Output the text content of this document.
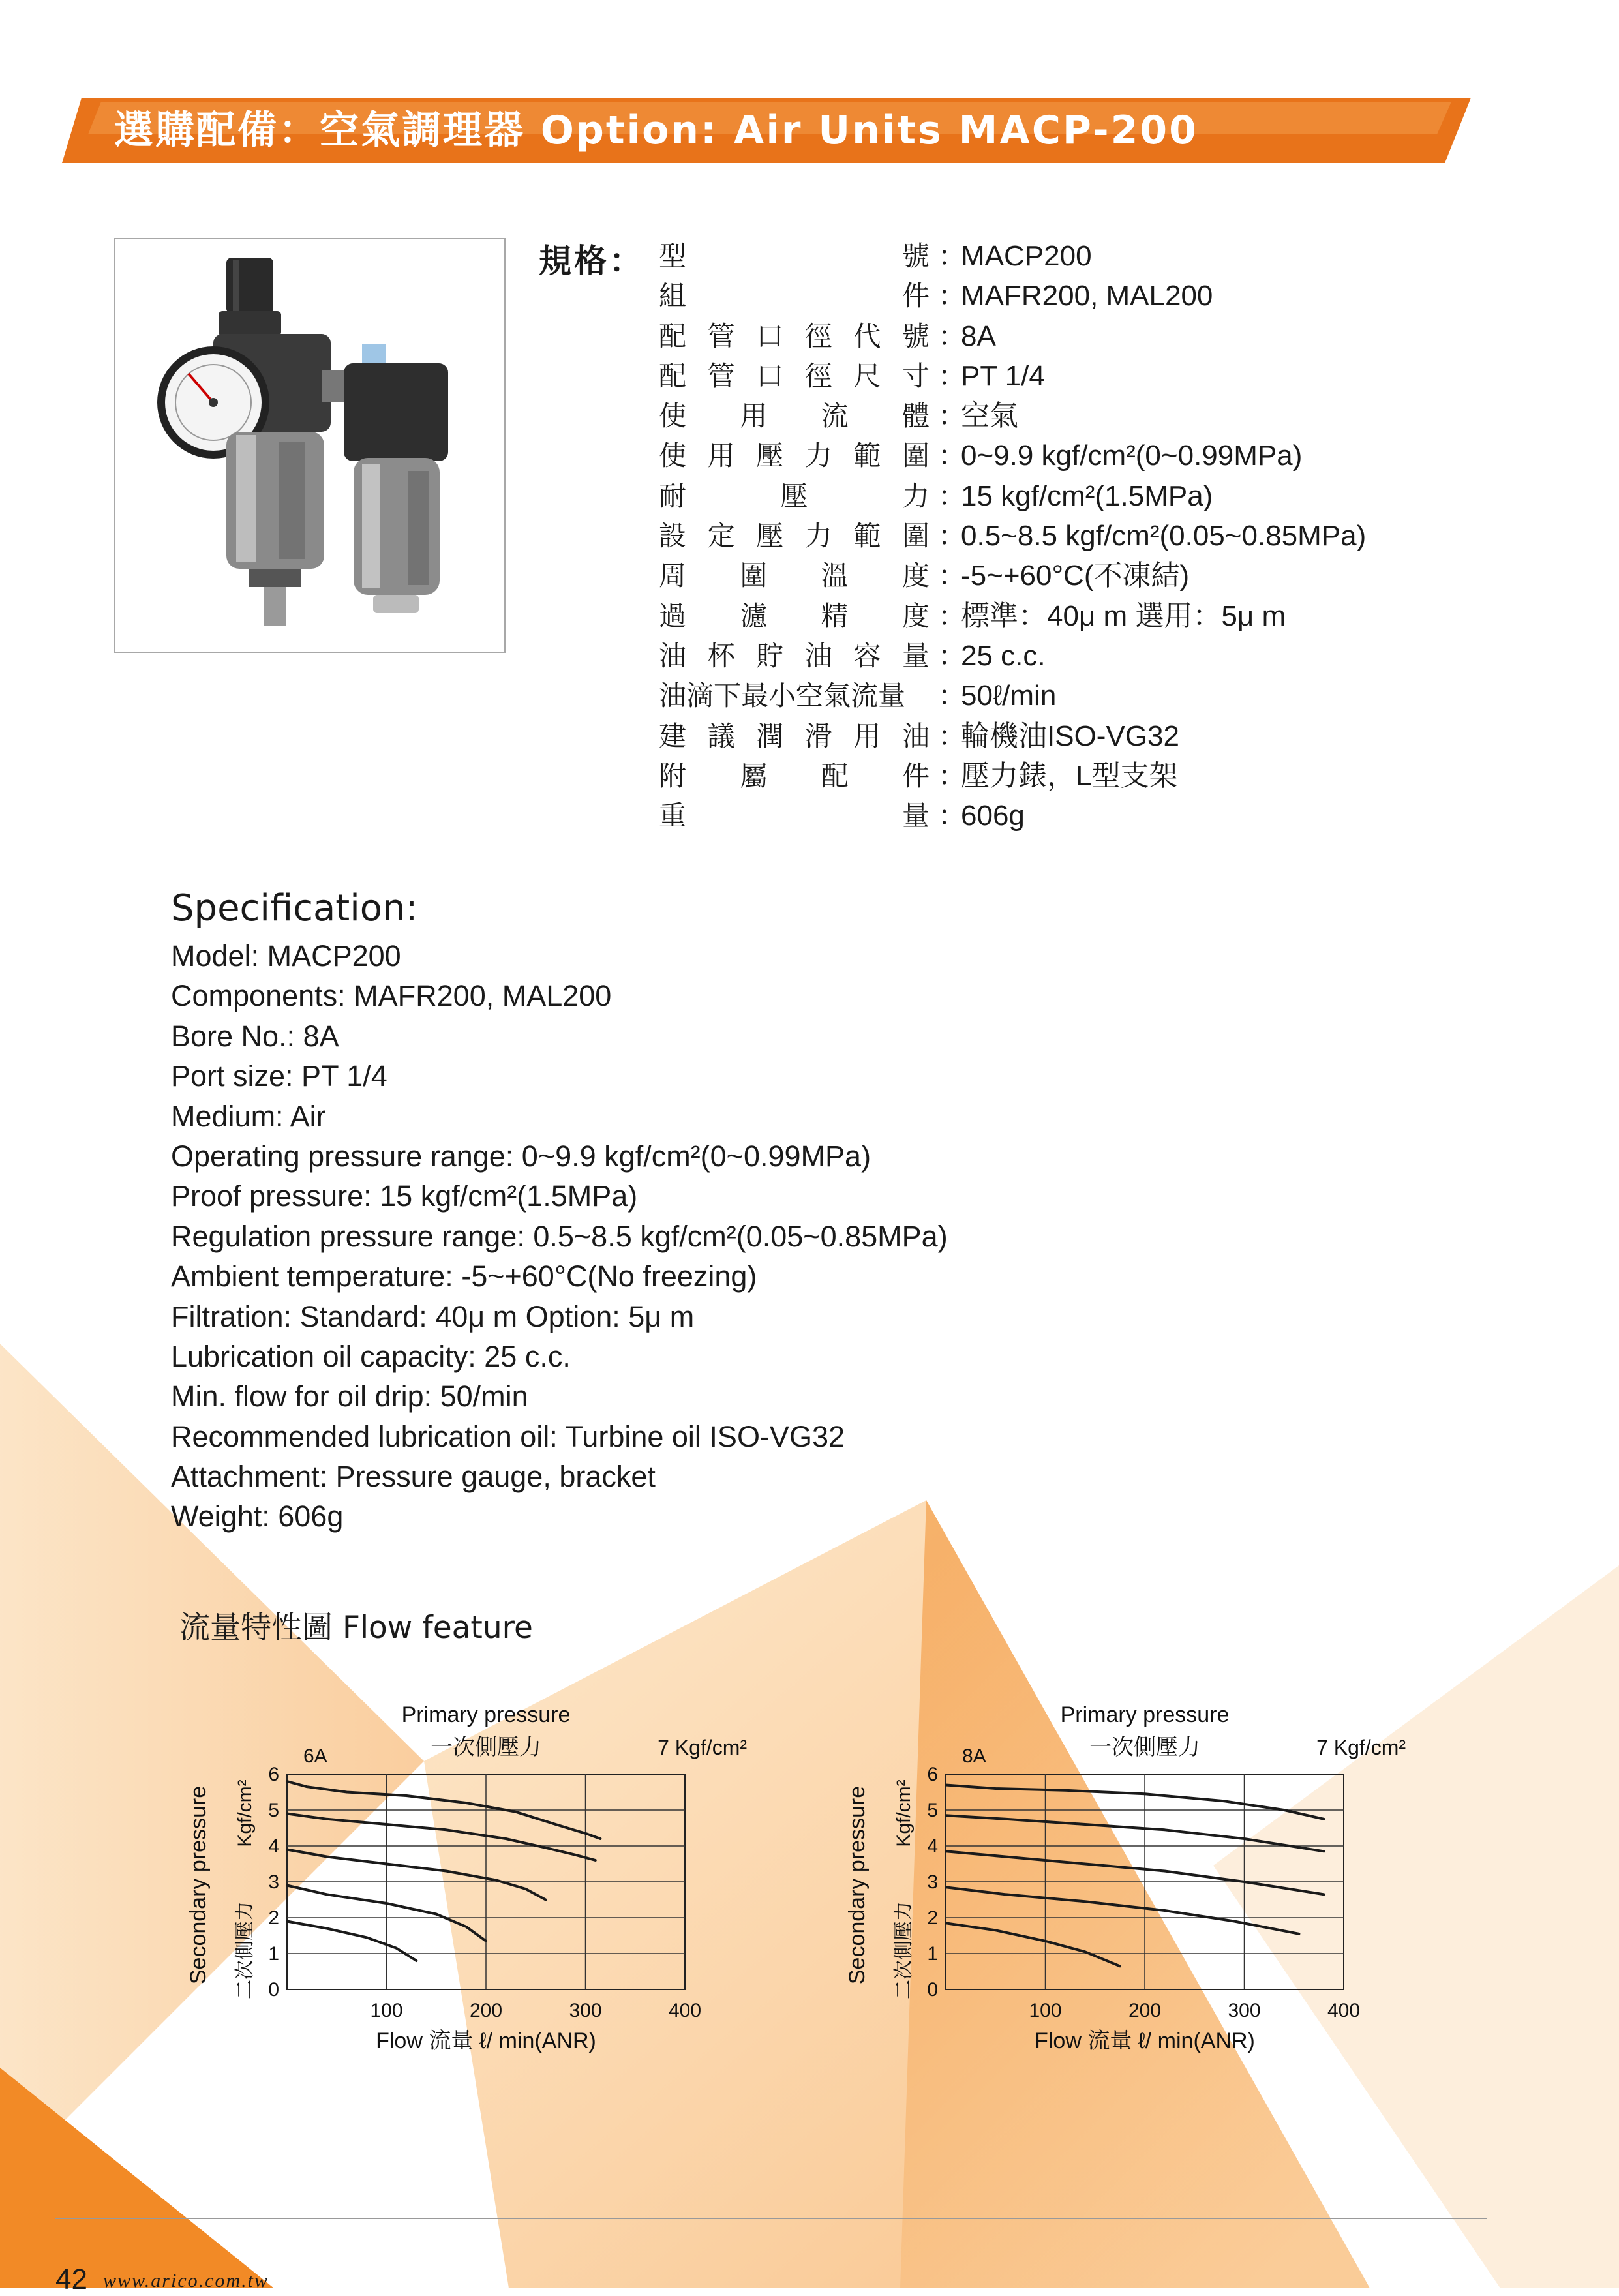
選購配備：空氣調理器 Option: Air Units MACP-200
規格： 型	號 ：
MACP200
組	件 ：
MAFR200, MAL200
配 管 口 徑 代 號 ：
8A
配 管 口 徑 尺 寸 ：
PT 1/4
使 用 流 體 ：
空氣
使 用 壓 力 範 圍 ：
0~9.9 kgf/cm²(0~0.99MPa)
耐	壓	力 ：
15 kgf/cm²(1.5MPa)
設 定 壓 力 範 圍 ：
0.5~8.5 kgf/cm²(0.05~0.85MPa)
周 圍 溫 度 ：
-5~+60°C(不凍結)
過 濾 精 度 ：
標準：40μ m 選用：5μ m
油 杯 貯 油 容 量 ：
25 c.c.
油滴下最小空氣流量 ：
50ℓ/min
建 議 潤 滑 用 油 ：
輪機油ISO-VG32
附 屬 配 件 ：
壓力錶，L型支架
重	量 ：
606g
Specification:
Model: MACP200
Components: MAFR200, MAL200
Bore No.: 8A
Port size: PT 1/4
Medium: Air
Operating pressure range: 0~9.9 kgf/cm²(0~0.99MPa)
Proof pressure: 15 kgf/cm²(1.5MPa)
Regulation pressure range: 0.5~8.5 kgf/cm²(0.05~0.85MPa)
Ambient temperature: -5~+60°C(No freezing)
Filtration: Standard: 40μ m Option: 5μ m
Lubrication oil capacity: 25 c.c.
Min. flow for oil drip: 50/min
Recommended lubrication oil: Turbine oil ISO-VG32
Attachment: Pressure gauge, bracket
Weight: 606g
流量特性圖 Flow feature
0
1
2
3
4
5
6
100	200	300	400
Primary pressure
一次側壓力	7 Kgf/cm²
6A
Flow 流量 ℓ/ min(ANR)
Secondary pressure 二次側壓力
Kgf/cm²
0
1
2
3
4
5
6
100	200	300	400
Primary pressure
一次側壓力	7 Kgf/cm²
8A
Flow 流量 ℓ/ min(ANR)
Secondary pressure 二次側壓力
Kgf/cm²
42 www.arico.com.tw
